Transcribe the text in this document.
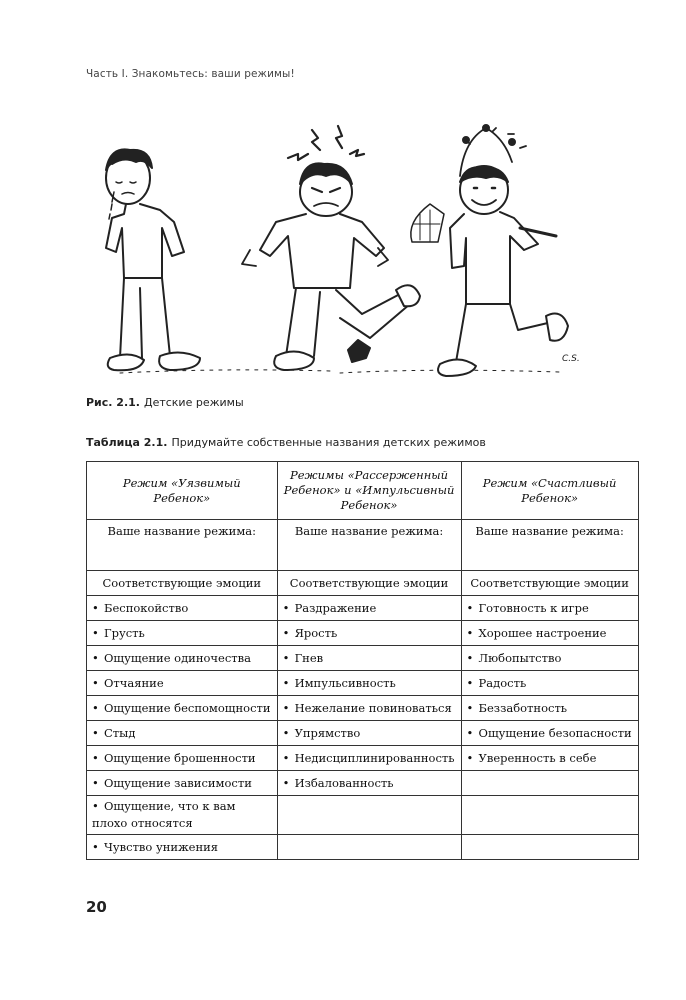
Часть I. Знакомьтесь: ваши режимы!
C.S.
Рис. 2.1. Детские режимы
Таблица 2.1. Придумайте собственные названия детских режимов
Режим «Уязвимый Ребенок»	Режимы «Рассерженный Ребенок» и «Импульсивный Ребенок»	Режим «Счастливый Ребенок»
Ваше название режима:	Ваше название режима:	Ваше название режима:
Соответствующие эмоции	Соответствующие эмоции	Соответствующие эмоции
• Беспокойство	• Раздражение	• Готовность к игре
• Грусть	• Ярость	• Хорошее настроение
• Ощущение одиночества	• Гнев	• Любопытство
• Отчаяние	• Импульсивность	• Радость
• Ощущение беспомощности	• Нежелание повиноваться	• Беззаботность
• Стыд	• Упрямство	• Ощущение безопасности
• Ощущение брошенности	• Недисциплинированность	• Уверенность в себе
• Ощущение зависимости	• Избалованность	
• Ощущение, что к вам плохо относятся		
• Чувство унижения		
20
